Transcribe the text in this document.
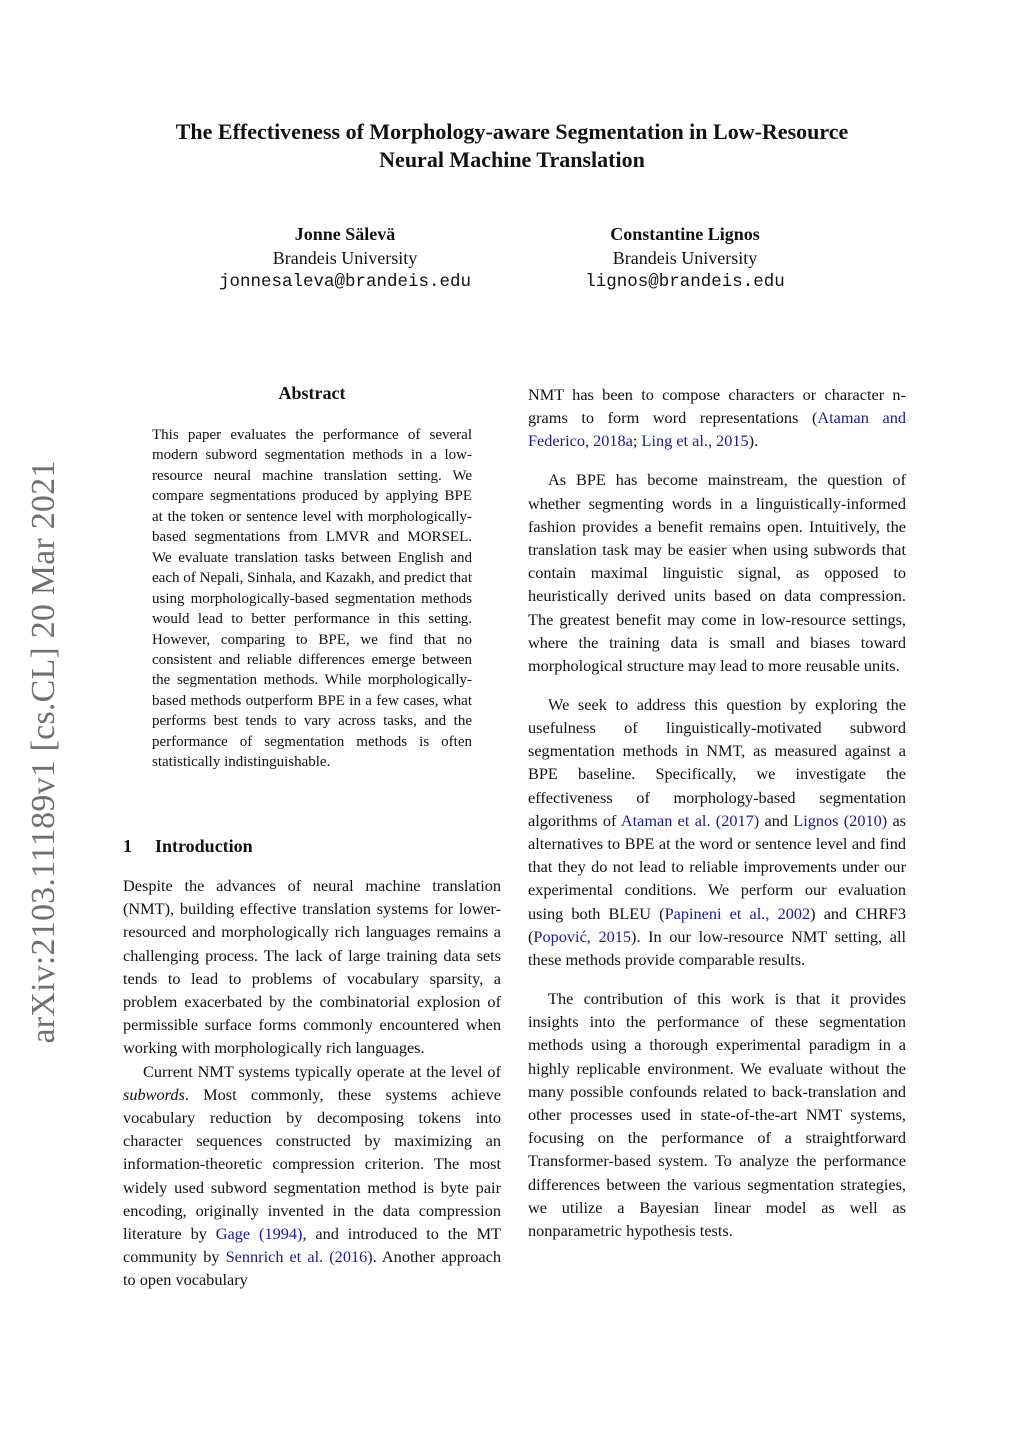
The Effectiveness of Morphology-aware Segmentation in Low-Resource
Neural Machine Translation
Jonne Sälevä
Brandeis University
jonnesaleva@brandeis.edu
Constantine Lignos
Brandeis University
lignos@brandeis.edu
arXiv:2103.11189v1 [cs.CL] 20 Mar 2021
Abstract
This paper evaluates the performance of several modern subword segmentation methods in a low-resource neural machine translation setting. We compare segmentations produced by applying BPE at the token or sentence level with morphologically-based segmentations from LMVR and MORSEL. We evaluate translation tasks between English and each of Nepali, Sinhala, and Kazakh, and predict that using morphologically-based segmentation methods would lead to better performance in this setting. However, comparing to BPE, we find that no consistent and reliable differences emerge between the segmentation methods. While morphologically-based methods outperform BPE in a few cases, what performs best tends to vary across tasks, and the performance of segmentation methods is often statistically indistinguishable.
1 Introduction

Despite the advances of neural machine translation (NMT), building effective translation systems for lower-resourced and morphologically rich languages remains a challenging process. The lack of large training data sets tends to lead to problems of vocabulary sparsity, a problem exacerbated by the combinatorial explosion of permissible surface forms commonly encountered when working with morphologically rich languages.

Current NMT systems typically operate at the level of subwords. Most commonly, these systems achieve vocabulary reduction by decomposing tokens into character sequences constructed by maximizing an information-theoretic compression criterion. The most widely used subword segmentation method is byte pair encoding, originally invented in the data compression literature by Gage (1994), and introduced to the MT community by Sennrich et al. (2016). Another approach to open vocabulary

NMT has been to compose characters or character n-grams to form word representations (Ataman and Federico, 2018a; Ling et al., 2015).

As BPE has become mainstream, the question of whether segmenting words in a linguistically-informed fashion provides a benefit remains open. Intuitively, the translation task may be easier when using subwords that contain maximal linguistic signal, as opposed to heuristically derived units based on data compression. The greatest benefit may come in low-resource settings, where the training data is small and biases toward morphological structure may lead to more reusable units.

We seek to address this question by exploring the usefulness of linguistically-motivated subword segmentation methods in NMT, as measured against a BPE baseline. Specifically, we investigate the effectiveness of morphology-based segmentation algorithms of Ataman et al. (2017) and Lignos (2010) as alternatives to BPE at the word or sentence level and find that they do not lead to reliable improvements under our experimental conditions. We perform our evaluation using both BLEU (Papineni et al., 2002) and CHRF3 (Popović, 2015). In our low-resource NMT setting, all these methods provide comparable results.

The contribution of this work is that it provides insights into the performance of these segmentation methods using a thorough experimental paradigm in a highly replicable environment. We evaluate without the many possible confounds related to back-translation and other processes used in state-of-the-art NMT systems, focusing on the performance of a straightforward Transformer-based system. To analyze the performance differences between the various segmentation strategies, we utilize a Bayesian linear model as well as nonparametric hypothesis tests.
